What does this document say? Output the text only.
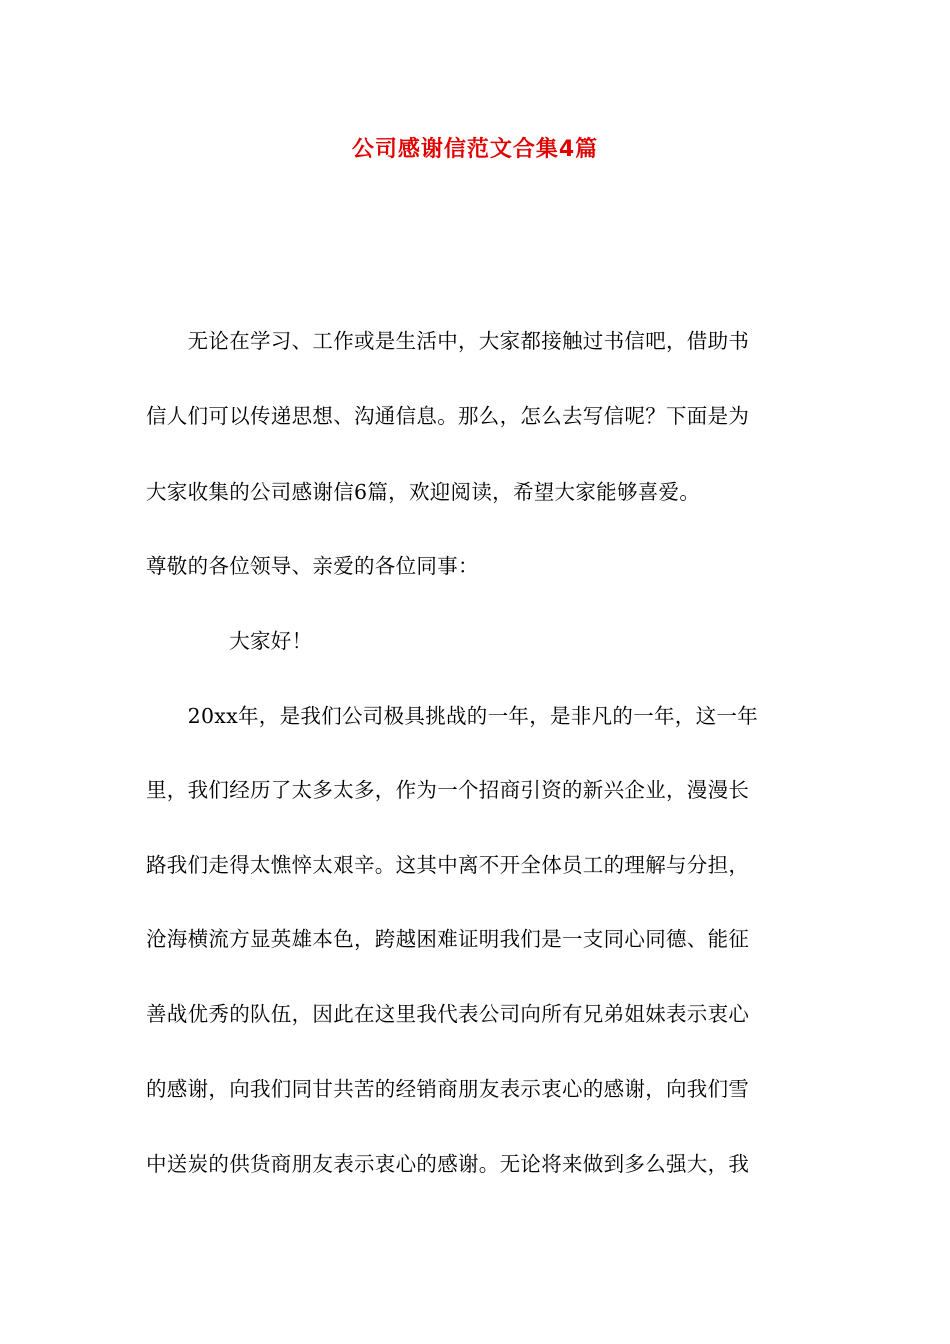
公司感谢信范文合集4篇
　　无论在学习、工作或是生活中，大家都接触过书信吧，借助书
信人们可以传递思想、沟通信息。那么，怎么去写信呢？下面是为
大家收集的公司感谢信6篇，欢迎阅读，希望大家能够喜爱。
尊敬的各位领导、亲爱的各位同事：
　　　　大家好！
　　20xx年，是我们公司极具挑战的一年，是非凡的一年，这一年
里，我们经历了太多太多，作为一个招商引资的新兴企业，漫漫长
路我们走得太憔悴太艰辛。这其中离不开全体员工的理解与分担，
沧海横流方显英雄本色，跨越困难证明我们是一支同心同德、能征
善战优秀的队伍，因此在这里我代表公司向所有兄弟姐妹表示衷心
的感谢，向我们同甘共苦的经销商朋友表示衷心的感谢，向我们雪
中送炭的供货商朋友表示衷心的感谢。无论将来做到多么强大，我
